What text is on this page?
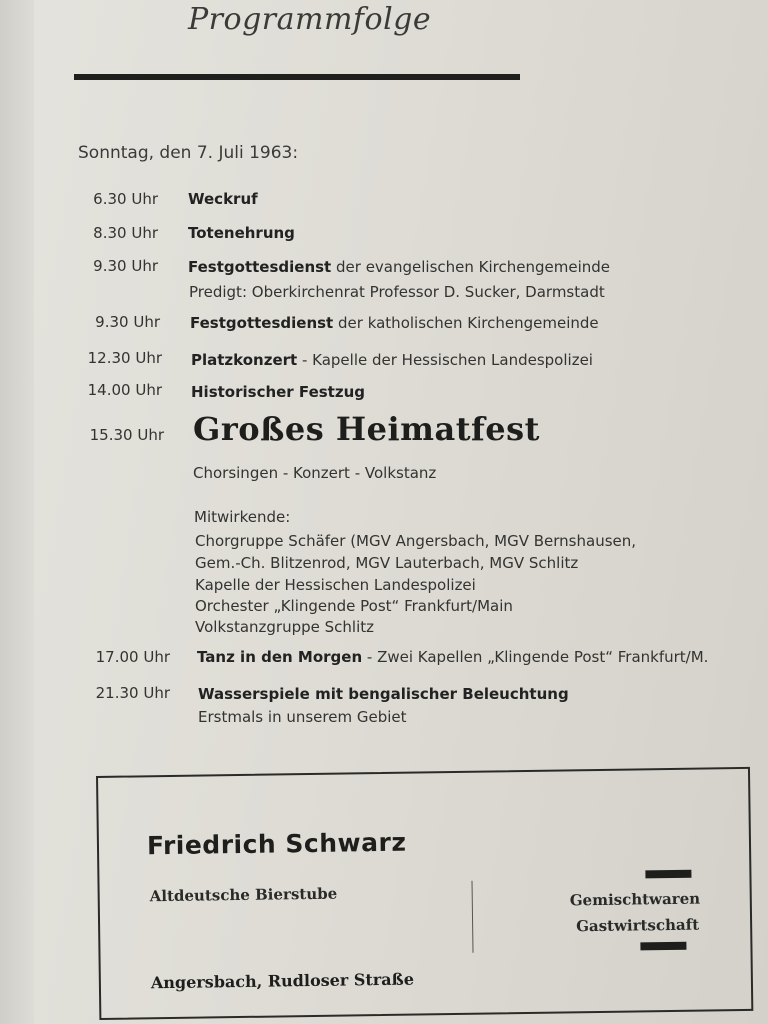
Programmfolge
Sonntag, den 7. Juli 1963:
6.30 Uhr Weckruf
8.30 Uhr Totenehrung
9.30 Uhr Festgottesdienst der evangelischen Kirchengemeinde
Predigt: Oberkirchenrat Professor D. Sucker, Darmstadt
9.30 Uhr Festgottesdienst der katholischen Kirchengemeinde
12.30 Uhr Platzkonzert - Kapelle der Hessischen Landespolizei
14.00 Uhr Historischer Festzug
15.30 Uhr Großes Heimatfest
Chorsingen - Konzert - Volkstanz
Mitwirkende:
Chorgruppe Schäfer (MGV Angersbach, MGV Bernshausen,
Gem.-Ch. Blitzenrod, MGV Lauterbach, MGV Schlitz
Kapelle der Hessischen Landespolizei
Orchester „Klingende Post“ Frankfurt/Main
Volkstanzgruppe Schlitz
17.00 Uhr Tanz in den Morgen - Zwei Kapellen „Klingende Post“ Frankfurt/M.
21.30 Uhr Wasserspiele mit bengalischer Beleuchtung
Erstmals in unserem Gebiet
Friedrich Schwarz
Altdeutsche Bierstube	Gemischtwaren
Gastwirtschaft
Angersbach, Rudloser Straße
